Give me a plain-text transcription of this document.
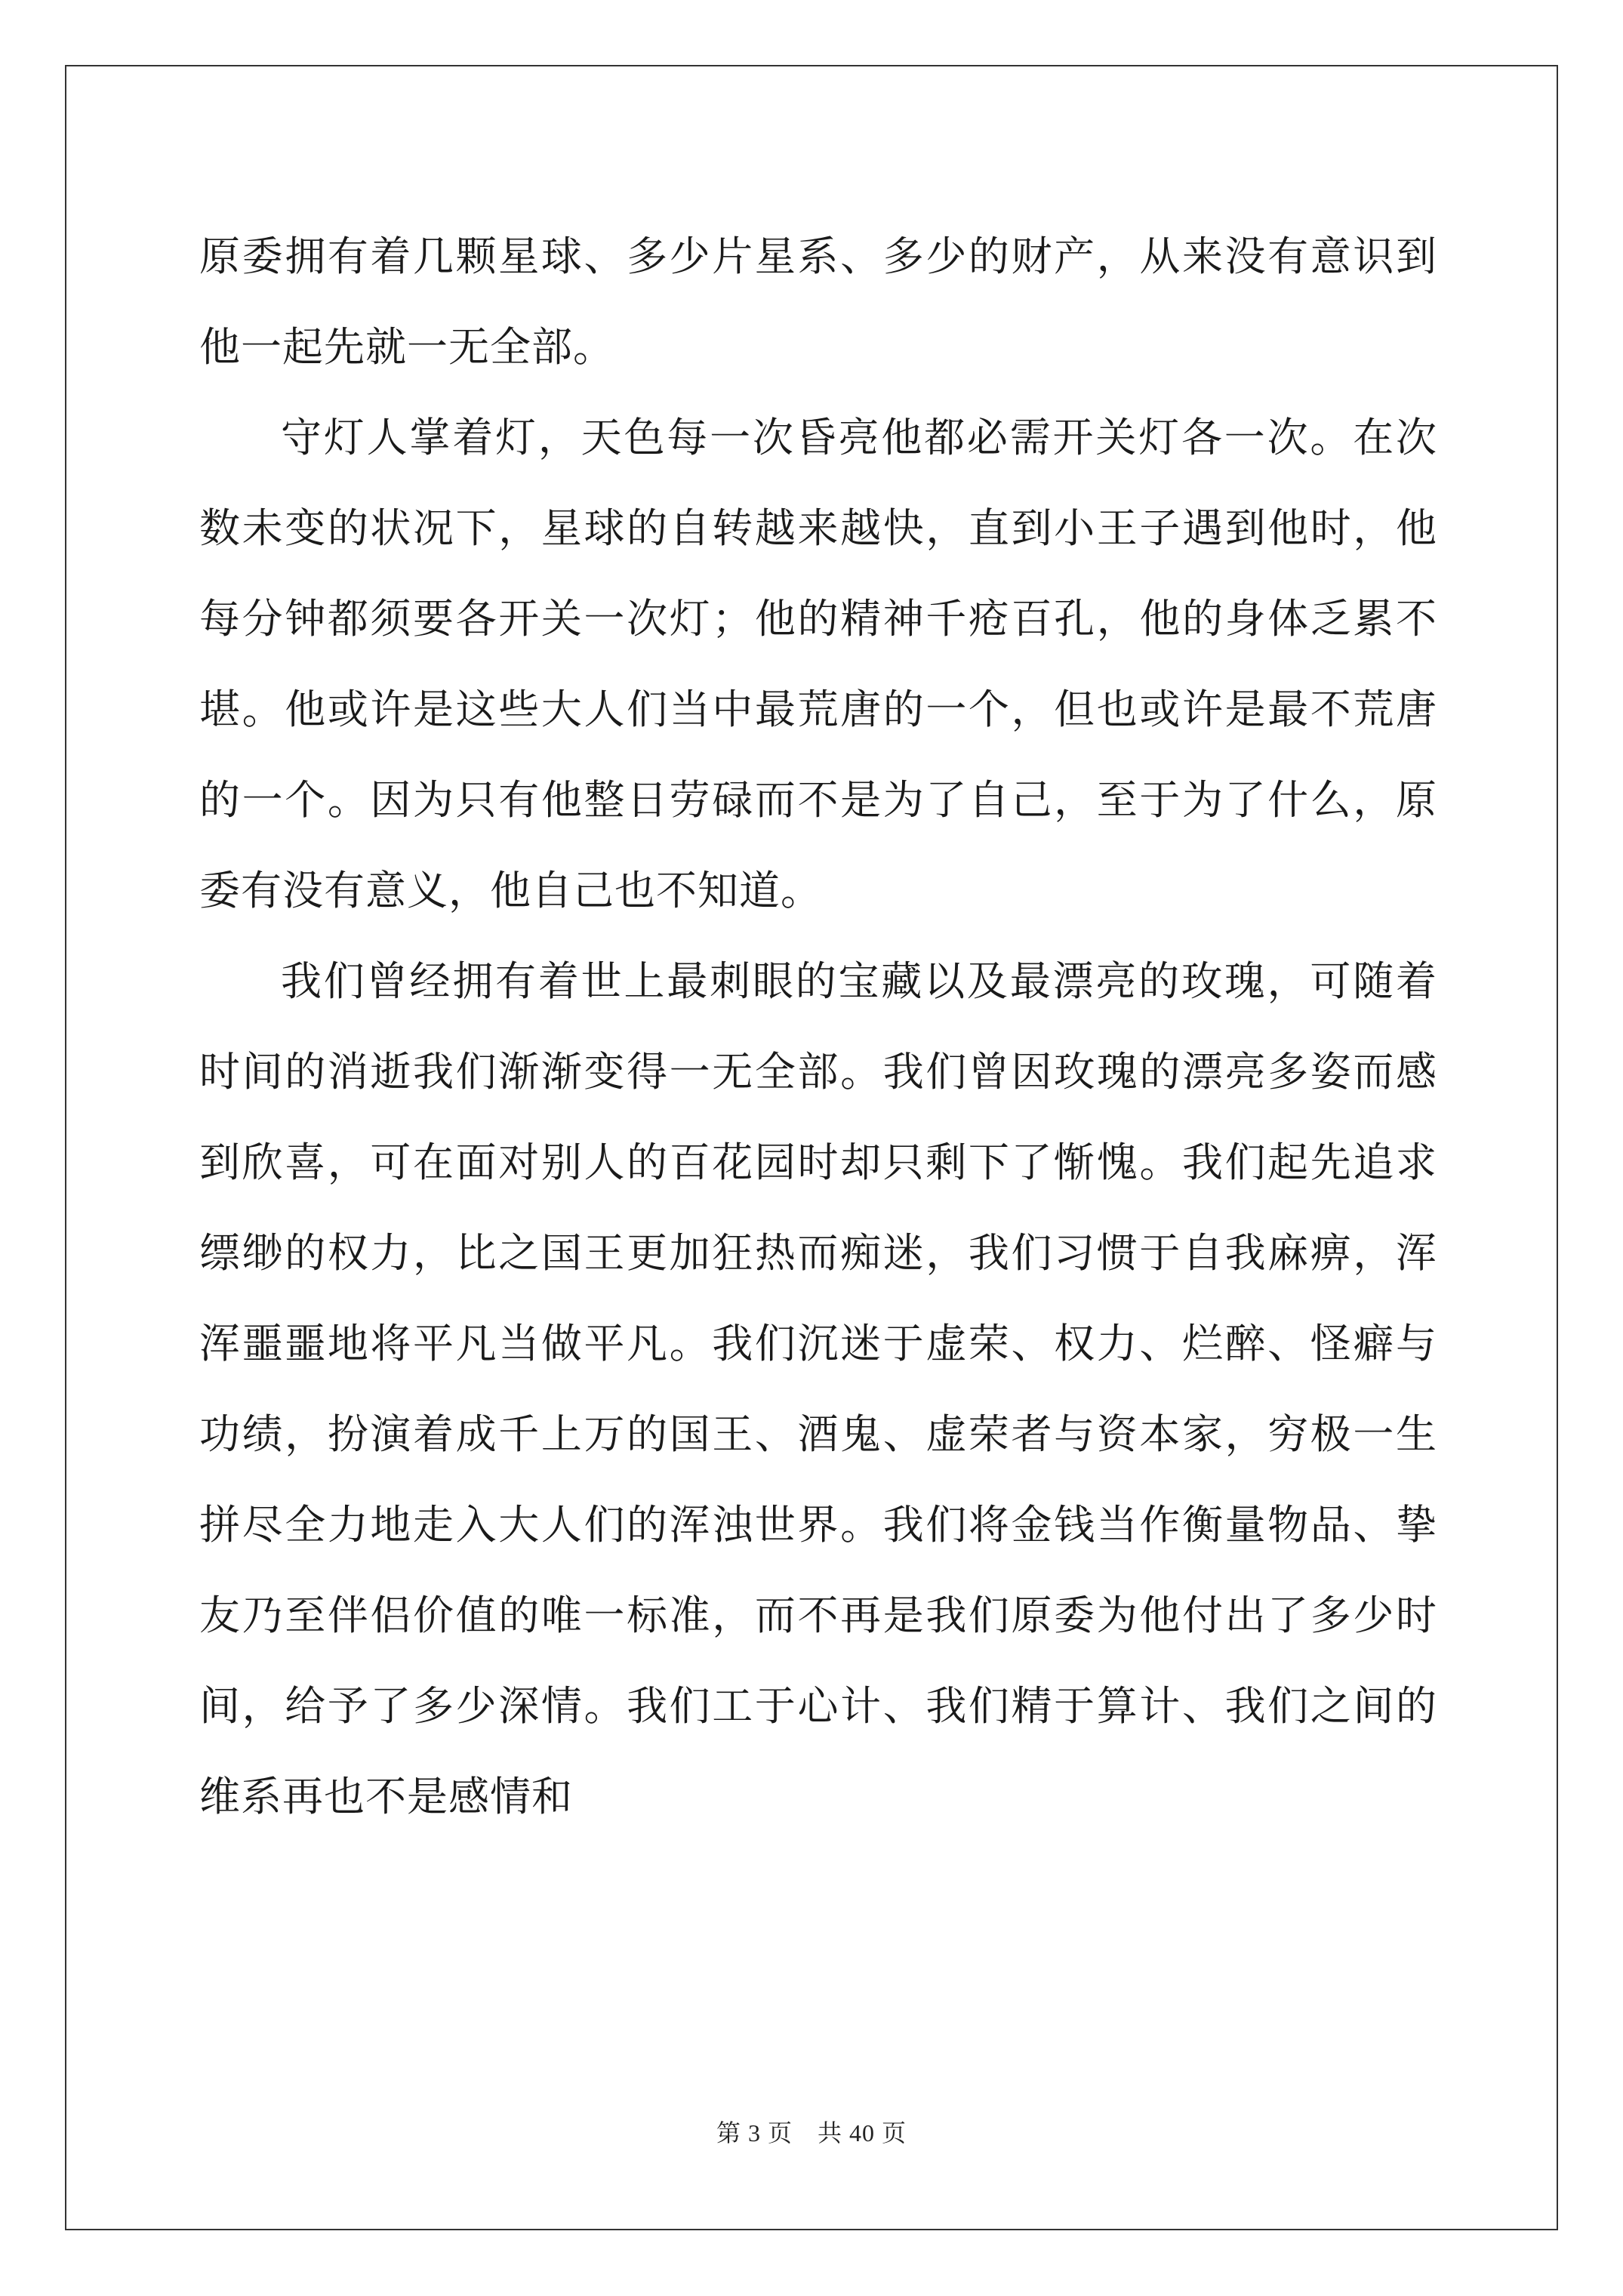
原委拥有着几颗星球、多少片星系、多少的财产，从来没有意识到他一起先就一无全部。

守灯人掌着灯，天色每一次昏亮他都必需开关灯各一次。在次数未变的状况下，星球的自转越来越快，直到小王子遇到他时，他每分钟都须要各开关一次灯；他的精神千疮百孔，他的身体乏累不堪。他或许是这些大人们当中最荒唐的一个，但也或许是最不荒唐的一个。因为只有他整日劳碌而不是为了自己，至于为了什么，原委有没有意义，他自己也不知道。

我们曾经拥有着世上最刺眼的宝藏以及最漂亮的玫瑰，可随着时间的消逝我们渐渐变得一无全部。我们曾因玫瑰的漂亮多姿而感到欣喜，可在面对别人的百花园时却只剩下了惭愧。我们起先追求缥缈的权力，比之国王更加狂热而痴迷，我们习惯于自我麻痹，浑浑噩噩地将平凡当做平凡。我们沉迷于虚荣、权力、烂醉、怪癖与功绩，扮演着成千上万的国王、酒鬼、虚荣者与资本家，穷极一生拼尽全力地走入大人们的浑浊世界。我们将金钱当作衡量物品、挚友乃至伴侣价值的唯一标准，而不再是我们原委为他付出了多少时间，给予了多少深情。我们工于心计、我们精于算计、我们之间的维系再也不是感情和

第 3 页　共 40 页
